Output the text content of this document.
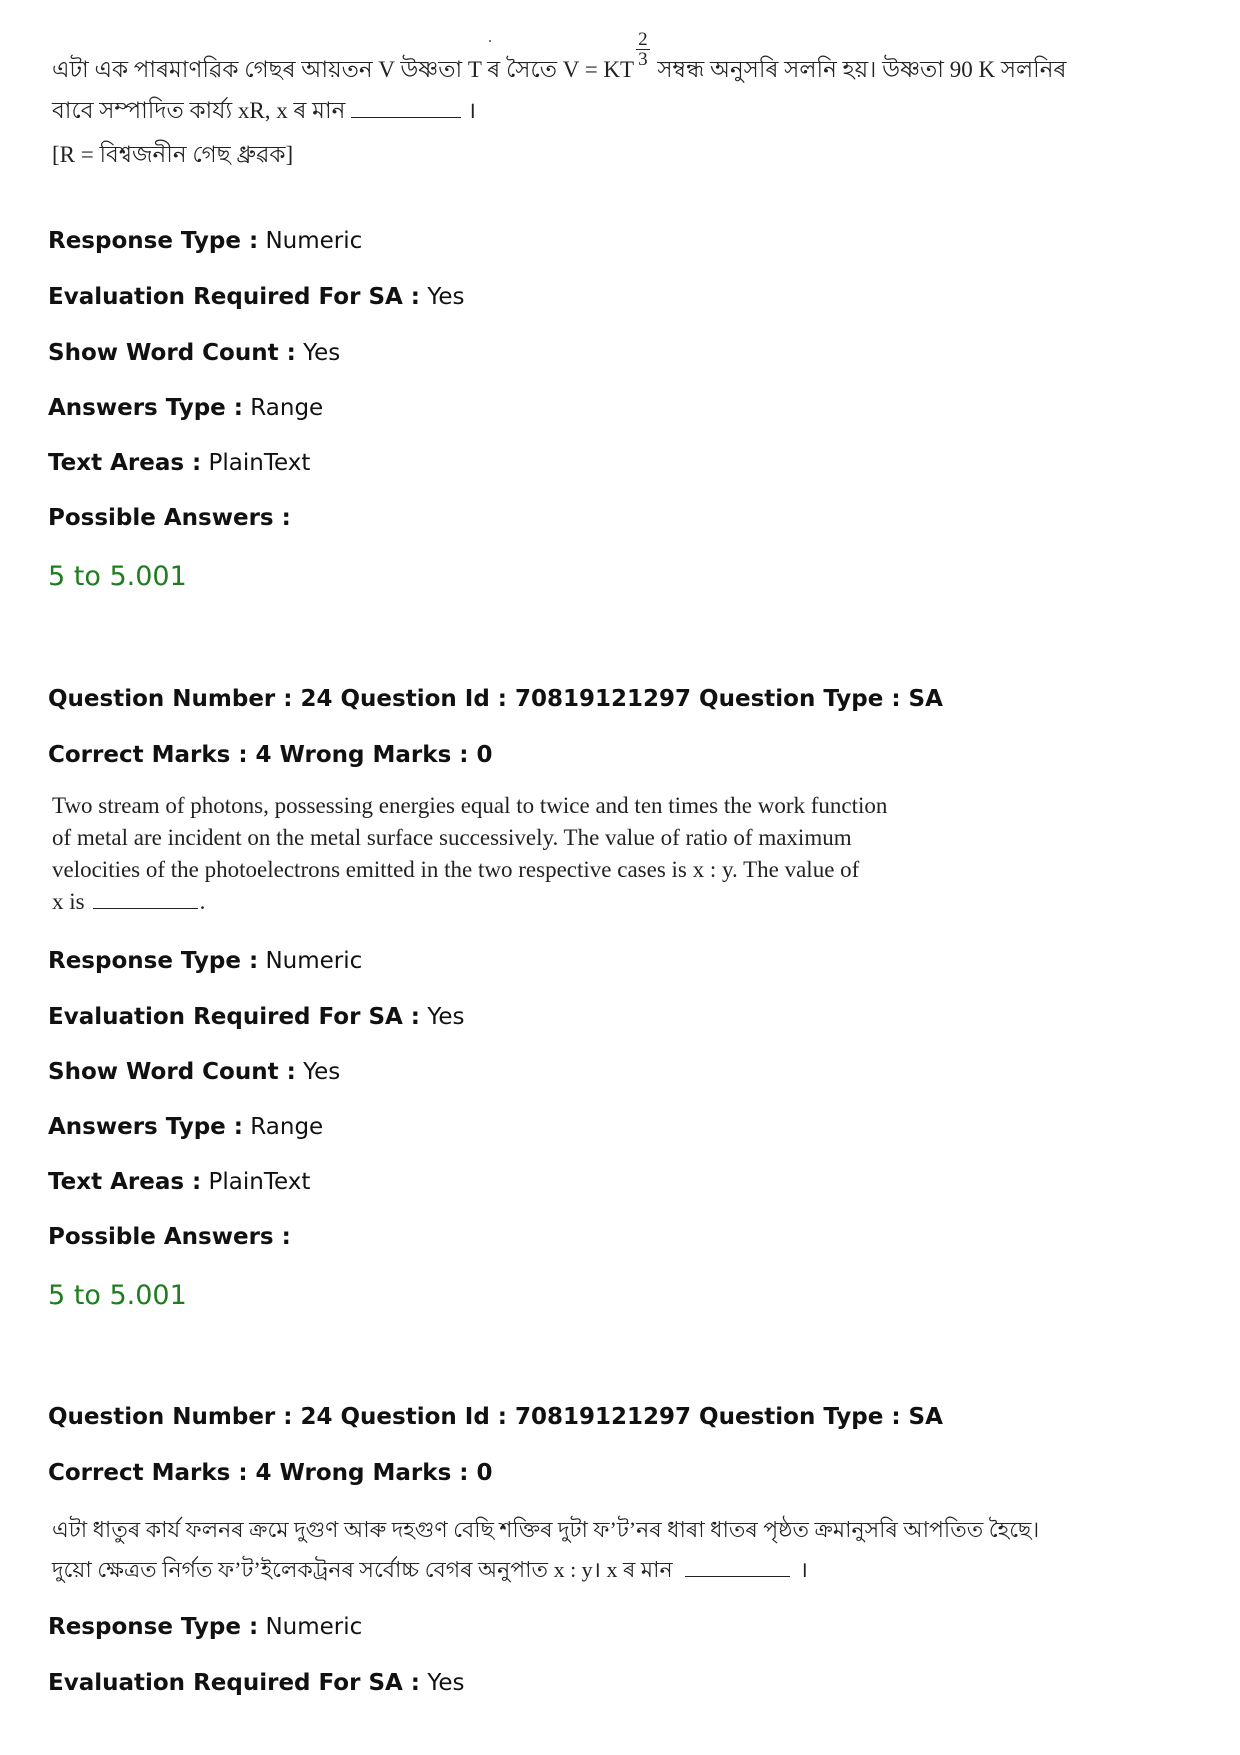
এটা এক পাৰমাণৱিক গেছৰ আয়তন V উষ্ণতা T ৰ সৈতে V = KT
$\frac{2}{3}$
সম্বন্ধ অনুসৰি সলনি হয়। উষ্ণতা 90 K সলনিৰ
বাবে সম্পাদিত কাৰ্য্য xR, x ৰ মান	।
[R = বিশ্বজনীন গেছ ধ্ৰুৱক]
Response Type : Numeric
Evaluation Required For SA : Yes
Show Word Count : Yes
Answers Type : Range
Text Areas : PlainText
Possible Answers :
5 to 5.001
Question Number : 24 Question Id : 70819121297 Question Type : SA
Correct Marks : 4 Wrong Marks : 0
Two stream of photons, possessing energies equal to twice and ten times the work function
of metal are incident on the metal surface successively. The value of ratio of maximum
velocities of the photoelectrons emitted in the two respective cases is x : y. The value of
x is	.
Response Type : Numeric
Evaluation Required For SA : Yes
Show Word Count : Yes
Answers Type : Range
Text Areas : PlainText
Possible Answers :
5 to 5.001
Question Number : 24 Question Id : 70819121297 Question Type : SA
Correct Marks : 4 Wrong Marks : 0
এটা ধাতুৰ কাৰ্য ফলনৰ ক্ৰমে দুগুণ আৰু দহগুণ বেছি শক্তিৰ দুটা ফ’ট’নৰ ধাৰা ধাতৰ পৃষ্ঠত ক্ৰমানুসৰি আপতিত হৈছে।
দুয়ো ক্ষেত্ৰত নিৰ্গত ফ’ট’ইলেকট্ৰনৰ সৰ্বোচ্চ বেগৰ অনুপাত x : y। x ৰ মান	।
Response Type : Numeric
Evaluation Required For SA : Yes
